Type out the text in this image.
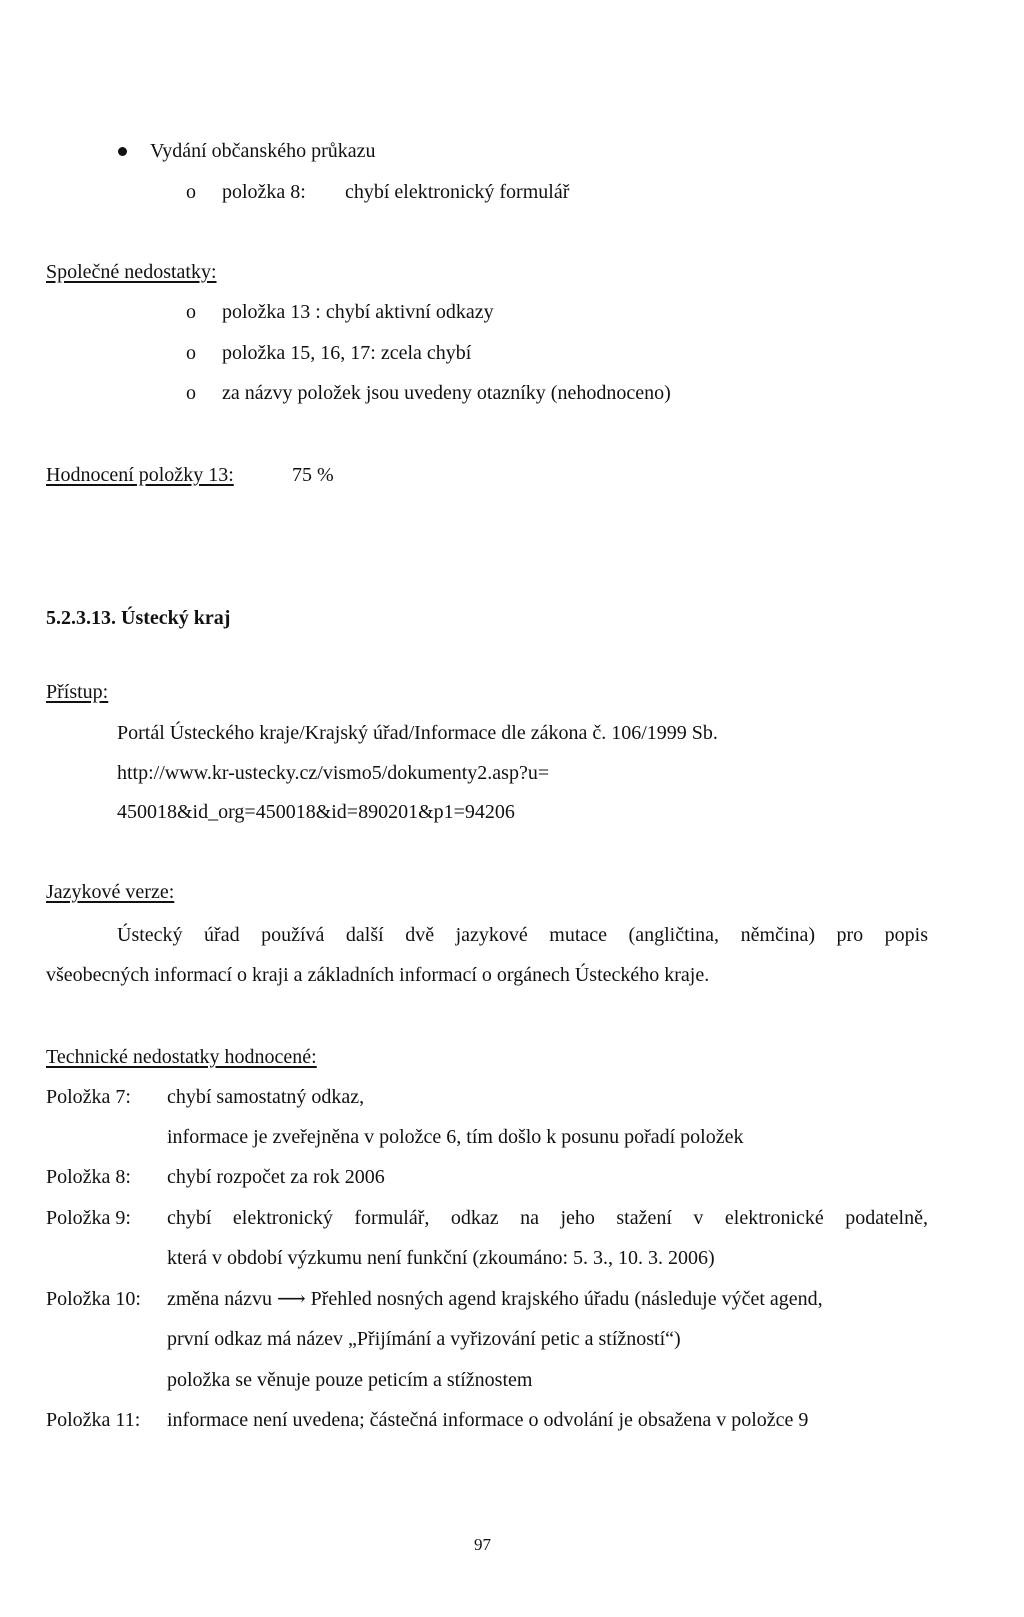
Vydání občanského průkazu
o položka 8: chybí elektronický formulář
Společné nedostatky:
o položka 13 : chybí aktivní odkazy
o položka 15, 16, 17: zcela chybí
o za názvy položek jsou uvedeny otazníky (nehodnoceno)
Hodnocení položky 13:	75 %
5.2.3.13. Ústecký kraj
Přístup:
Portál Ústeckého kraje/Krajský úřad/Informace dle zákona č. 106/1999 Sb.
http://www.kr-ustecky.cz/vismo5/dokumenty2.asp?u=
450018&id_org=450018&id=890201&p1=94206
Jazykové verze:
Ústecký úřad používá další dvě jazykové mutace (angličtina, němčina) pro popis
všeobecných informací o kraji a základních informací o orgánech Ústeckého kraje.
Technické nedostatky hodnocené:
Položka 7: chybí samostatný odkaz,
informace je zveřejněna v položce 6, tím došlo k posunu pořadí položek
Položka 8: chybí rozpočet za rok 2006
Položka 9: chybí elektronický formulář, odkaz na jeho stažení v elektronické podatelně,
která v období výzkumu není funkční (zkoumáno: 5. 3., 10. 3. 2006)
Položka 10: změna názvu ⟶ Přehled nosných agend krajského úřadu (následuje výčet agend,
první odkaz má název „Přijímání a vyřizování petic a stížností“)
položka se věnuje pouze peticím a stížnostem
Položka 11: informace není uvedena; částečná informace o odvolání je obsažena v položce 9
97
